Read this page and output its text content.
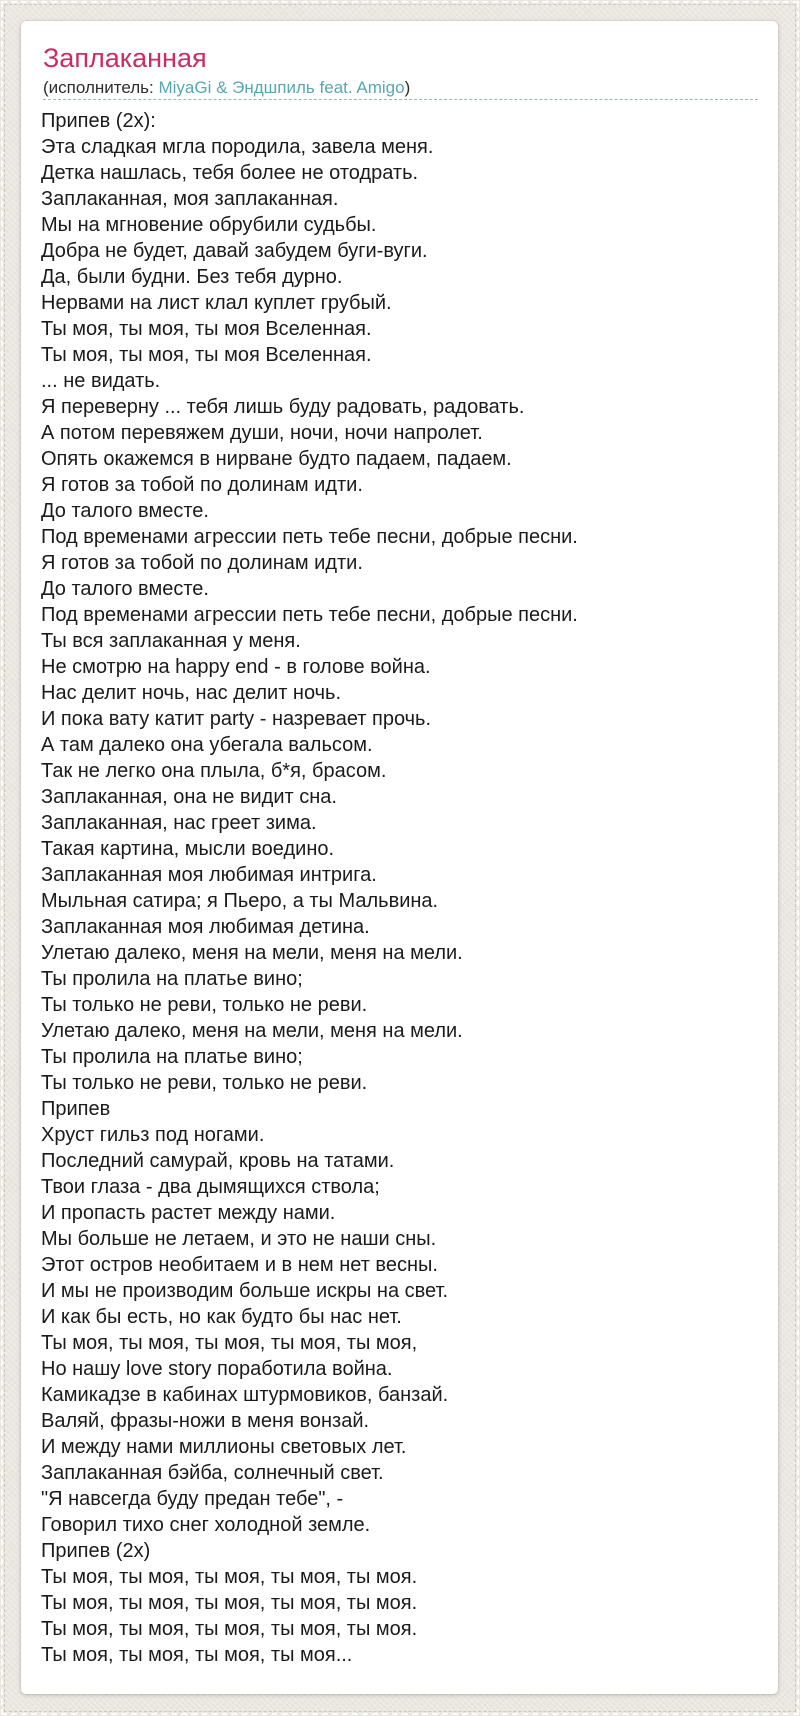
Заплаканная
(исполнитель: MiyaGi & Эндшпиль feat. Amigo)
Припев (2x):
Эта сладкая мгла породила, завела меня.
Детка нашлась, тебя более не отодрать.
Заплаканная, моя заплаканная.
Мы на мгновение обрубили судьбы.
Добра не будет, давай забудем буги-вуги.
Да, были будни. Без тебя дурно.
Нервами на лист клал куплет грубый.
Ты моя, ты моя, ты моя Вселенная.
Ты моя, ты моя, ты моя Вселенная.
... не видать.
Я переверну ... тебя лишь буду радовать, радовать.
А потом перевяжем души, ночи, ночи напролет.
Опять окажемся в нирване будто падаем, падаем.
Я готов за тобой по долинам идти.
До талого вместе.
Под временами агрессии петь тебе песни, добрые песни.
Я готов за тобой по долинам идти.
До талого вместе.
Под временами агрессии петь тебе песни, добрые песни.
Ты вся заплаканная у меня.
Не смотрю на happy end - в голове война.
Нас делит ночь, нас делит ночь.
И пока вату катит party - назревает прочь.
А там далеко она убегала вальсом.
Так не легко она плыла, б*я, брасом.
Заплаканная, она не видит сна.
Заплаканная, нас греет зима.
Такая картина, мысли воедино.
Заплаканная моя любимая интрига.
Мыльная сатира; я Пьеро, а ты Мальвина.
Заплаканная моя любимая детина.
Улетаю далеко, меня на мели, меня на мели.
Ты пролила на платье вино;
Ты только не реви, только не реви.
Улетаю далеко, меня на мели, меня на мели.
Ты пролила на платье вино;
Ты только не реви, только не реви.
Припев
Хруст гильз под ногами.
Последний самурай, кровь на татами.
Твои глаза - два дымящихся ствола;
И пропасть растет между нами.
Мы больше не летаем, и это не наши сны.
Этот остров необитаем и в нем нет весны.
И мы не производим больше искры на свет.
И как бы есть, но как будто бы нас нет.
Ты моя, ты моя, ты моя, ты моя, ты моя,
Но нашу love story поработила война.
Камикадзе в кабинах штурмовиков, банзай.
Валяй, фразы-ножи в меня вонзай.
И между нами миллионы световых лет.
Заплаканная бэйба, солнечный свет.
"Я навсегда буду предан тебе", -
Говорил тихо снег холодной земле.
Припев (2x)
Ты моя, ты моя, ты моя, ты моя, ты моя.
Ты моя, ты моя, ты моя, ты моя, ты моя.
Ты моя, ты моя, ты моя, ты моя, ты моя.
Ты моя, ты моя, ты моя, ты моя...
